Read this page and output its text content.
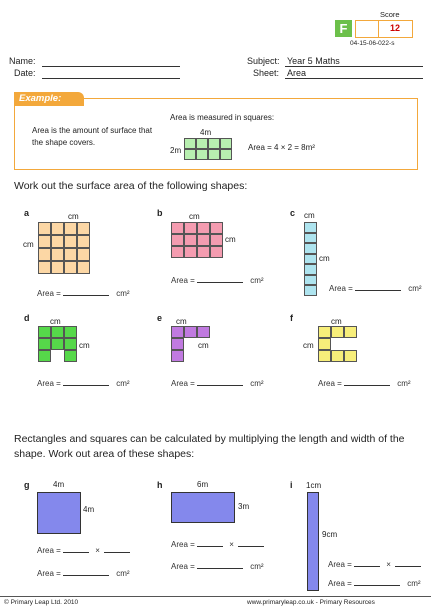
F
Score
12
04-15-06-022-s
Name:
Date:
Subject: Year 5 Maths
Sheet: Area
Example:
Area is the amount of surface that the shape covers.
Area is measured in squares:
4m
2m	Area = 4 × 2 = 8m²
Work out the surface area of the following shapes:
a	cm
cm
Area =	cm²
b	cm
cm
Area =	cm²
c cm
cm
Area =	cm²
d	cm
cm
Area =	cm²
e cm
cm
Area =	cm²
f	cm
cm
Area =	cm²
Rectangles and squares can be calculated by multiplying the length and width of the shape. Work out area of these shapes:
g	4m
4m
Area =	×
Area =	cm²
h	6m
3m
Area =	×
Area =	cm²
i 1cm
9cm
Area =	×
Area =	cm²
© Primary Leap Ltd. 2010	www.primaryleap.co.uk - Primary Resources
